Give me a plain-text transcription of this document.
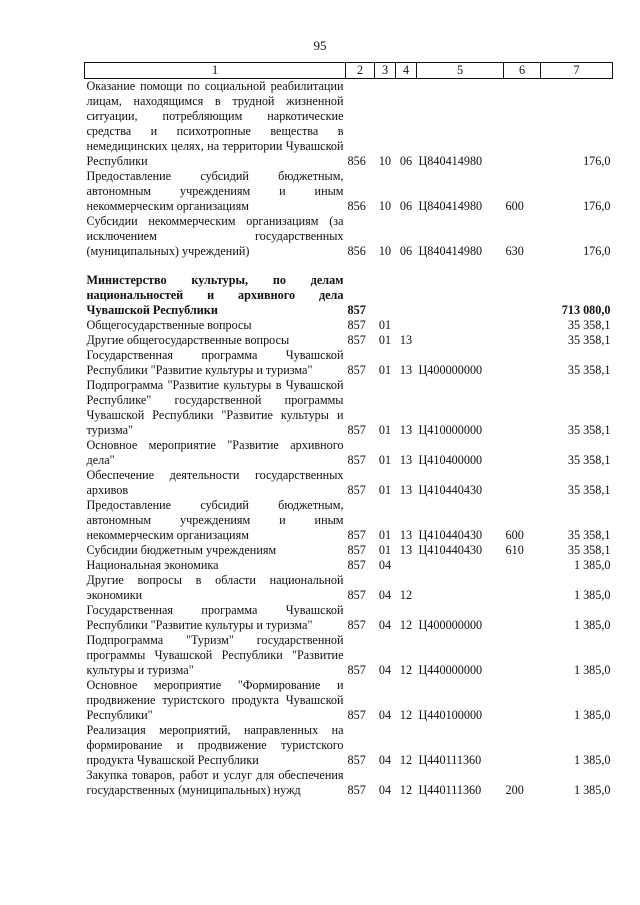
95
1	2	3	4	5	6	7
Оказание помощи по социальной реабилитации лицам, находящимся в трудной жизненной ситуации, потребляющим наркотические средства и психотропные вещества в немедицинских целях, на территории Чувашской Республики	856	10	06	Ц840414980		176,0
Предоставление субсидий бюджетным, автономным учреждениям и иным некоммерческим организациям	856	10	06	Ц840414980	600	176,0
Субсидии некоммерческим организациям (за исключением государственных (муниципальных) учреждений)	856	10	06	Ц840414980	630	176,0

Министерство культуры, по делам национальностей и архивного дела Чувашской Республики	857					713 080,0
Общегосударственные вопросы	857	01				35 358,1
Другие общегосударственные вопросы	857	01	13			35 358,1
Государственная программа Чувашской Республики "Развитие культуры и туризма"	857	01	13	Ц400000000		35 358,1
Подпрограмма "Развитие культуры в Чувашской Республике" государственной программы Чувашской Республики "Развитие культуры и туризма"	857	01	13	Ц410000000		35 358,1
Основное мероприятие "Развитие архивного дела"	857	01	13	Ц410400000		35 358,1
Обеспечение деятельности государственных архивов	857	01	13	Ц410440430		35 358,1
Предоставление субсидий бюджетным, автономным учреждениям и иным некоммерческим организациям	857	01	13	Ц410440430	600	35 358,1
Субсидии бюджетным учреждениям	857	01	13	Ц410440430	610	35 358,1
Национальная экономика	857	04				1 385,0
Другие вопросы в области национальной экономики	857	04	12			1 385,0
Государственная программа Чувашской Республики "Развитие культуры и туризма"	857	04	12	Ц400000000		1 385,0
Подпрограмма "Туризм" государственной программы Чувашской Республики "Развитие культуры и туризма"	857	04	12	Ц440000000		1 385,0
Основное мероприятие "Формирование и продвижение туристского продукта Чувашской Республики"	857	04	12	Ц440100000		1 385,0
Реализация мероприятий, направленных на формирование и продвижение туристского продукта Чувашской Республики	857	04	12	Ц440111360		1 385,0
Закупка товаров, работ и услуг для обеспечения государственных (муниципальных) нужд	857	04	12	Ц440111360	200	1 385,0
